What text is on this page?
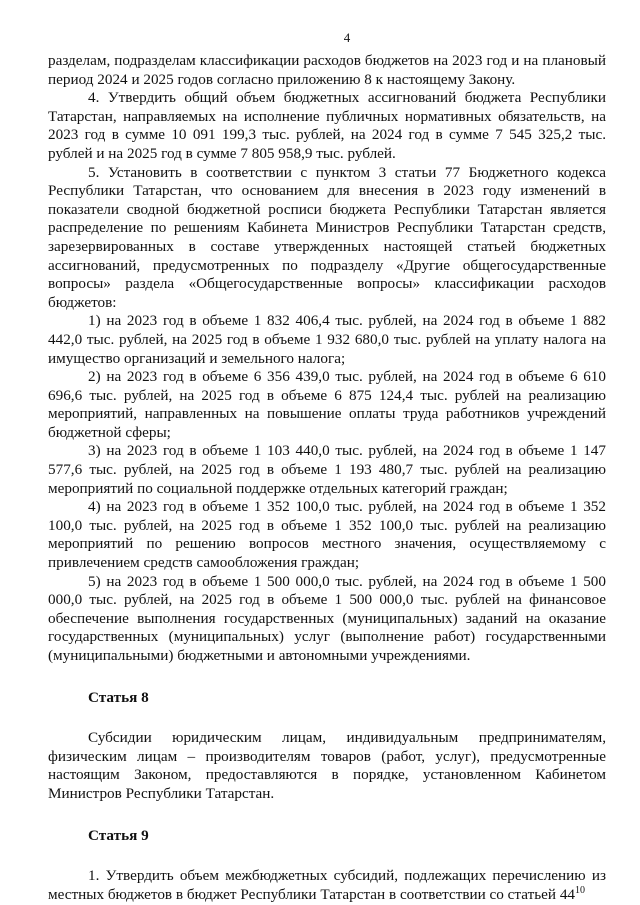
4

разделам, подразделам классификации расходов бюджетов на 2023 год и на плановый период 2024 и 2025 годов согласно приложению 8 к настоящему Закону.

4. Утвердить общий объем бюджетных ассигнований бюджета Республики Татарстан, направляемых на исполнение публичных нормативных обязательств, на 2023 год в сумме 10 091 199,3 тыс. рублей, на 2024 год в сумме 7 545 325,2 тыс. рублей и на 2025 год в сумме 7 805 958,9 тыс. рублей.

5. Установить в соответствии с пунктом 3 статьи 77 Бюджетного кодекса Республики Татарстан, что основанием для внесения в 2023 году изменений в показатели сводной бюджетной росписи бюджета Республики Татарстан является распределение по решениям Кабинета Министров Республики Татарстан средств, зарезервированных в составе утвержденных настоящей статьей бюджетных ассигнований, предусмотренных по подразделу «Другие общегосударственные вопросы» раздела «Общегосударственные вопросы» классификации расходов бюджетов:

1) на 2023 год в объеме 1 832 406,4 тыс. рублей, на 2024 год в объеме 1 882 442,0 тыс. рублей, на 2025 год в объеме 1 932 680,0 тыс. рублей на уплату налога на имущество организаций и земельного налога;

2) на 2023 год в объеме 6 356 439,0 тыс. рублей, на 2024 год в объеме 6 610 696,6 тыс. рублей, на 2025 год в объеме 6 875 124,4 тыс. рублей на реализацию мероприятий, направленных на повышение оплаты труда работников учреждений бюджетной сферы;

3) на 2023 год в объеме 1 103 440,0 тыс. рублей, на 2024 год в объеме 1 147 577,6 тыс. рублей, на 2025 год в объеме 1 193 480,7 тыс. рублей на реализацию мероприятий по социальной поддержке отдельных категорий граждан;

4) на 2023 год в объеме 1 352 100,0 тыс. рублей, на 2024 год в объеме 1 352 100,0 тыс. рублей, на 2025 год в объеме 1 352 100,0 тыс. рублей на реализацию мероприятий по решению вопросов местного значения, осуществляемому с привлечением средств самообложения граждан;

5) на 2023 год в объеме 1 500 000,0 тыс. рублей, на 2024 год в объеме 1 500 000,0 тыс. рублей, на 2025 год в объеме 1 500 000,0 тыс. рублей на финансовое обеспечение выполнения государственных (муниципальных) заданий на оказание государственных (муниципальных) услуг (выполнение работ) государственными (муниципальными) бюджетными и автономными учреждениями.

Статья 8

Субсидии юридическим лицам, индивидуальным предпринимателям, физическим лицам – производителям товаров (работ, услуг), предусмотренные настоящим Законом, предоставляются в порядке, установленном Кабинетом Министров Республики Татарстан.

Статья 9

1. Утвердить объем межбюджетных субсидий, подлежащих перечислению из местных бюджетов в бюджет Республики Татарстан в соответствии со статьей $44^{10}$
